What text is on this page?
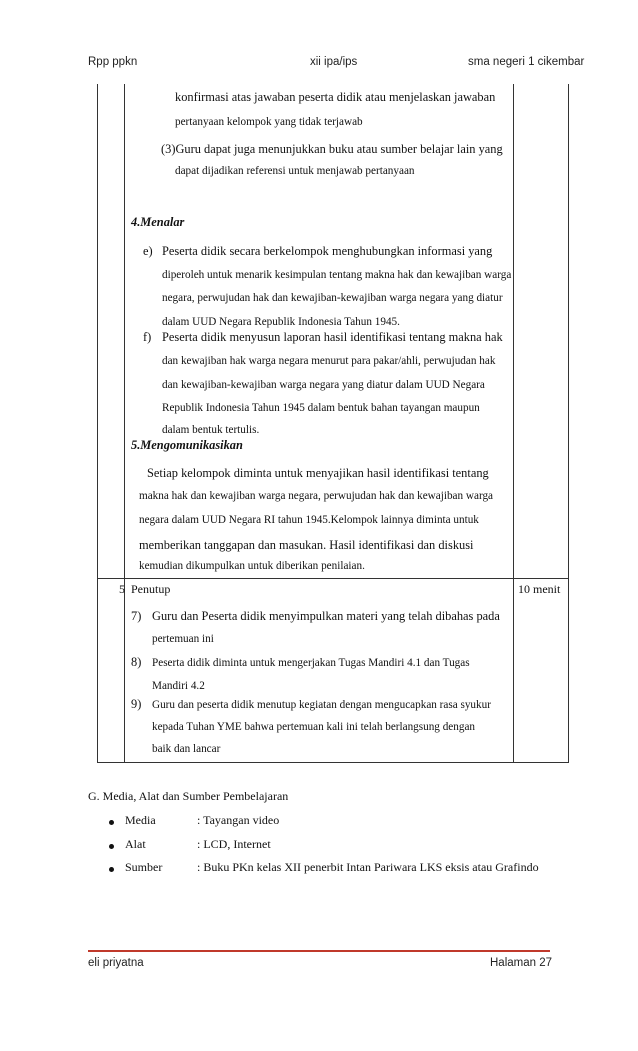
Rpp ppkn	xii ipa/ips	sma negeri 1 cikembar
konfirmasi atas jawaban peserta didik atau menjelaskan jawaban
pertanyaan kelompok yang tidak terjawab
(3)Guru dapat juga menunjukkan buku atau sumber belajar lain yang
dapat dijadikan referensi untuk menjawab pertanyaan
4.Menalar
e) Peserta didik secara berkelompok menghubungkan informasi yang
diperoleh untuk menarik kesimpulan tentang makna hak dan kewajiban warga
negara, perwujudan hak dan kewajiban-kewajiban warga negara yang diatur
dalam UUD Negara Republik Indonesia Tahun 1945.
f) Peserta didik menyusun laporan hasil identifikasi tentang makna hak
dan kewajiban hak warga negara menurut para pakar/ahli, perwujudan hak
dan kewajiban-kewajiban warga negara yang diatur dalam UUD Negara
Republik Indonesia Tahun 1945 dalam bentuk bahan tayangan maupun
dalam bentuk tertulis.
5.Mengomunikasikan
Setiap kelompok diminta untuk menyajikan hasil identifikasi tentang
makna hak dan kewajiban warga negara, perwujudan hak dan kewajiban warga
negara dalam UUD Negara RI tahun 1945.Kelompok lainnya diminta untuk
memberikan tanggapan dan masukan. Hasil identifikasi dan diskusi
kemudian dikumpulkan untuk diberikan penilaian.
5 Penutup	10 menit
7) Guru dan Peserta didik menyimpulkan materi yang telah dibahas pada
pertemuan ini
8) Peserta didik diminta untuk mengerjakan Tugas Mandiri 4.1 dan Tugas
Mandiri 4.2
9) Guru dan peserta didik menutup kegiatan dengan mengucapkan rasa syukur
kepada Tuhan YME bahwa pertemuan kali ini telah berlangsung dengan
baik dan lancar
G. Media, Alat dan Sumber Pembelajaran
Media	: Tayangan video
Alat	: LCD, Internet
Sumber	: Buku PKn kelas XII penerbit Intan Pariwara LKS eksis atau Grafindo
eli priyatna	Halaman 27
